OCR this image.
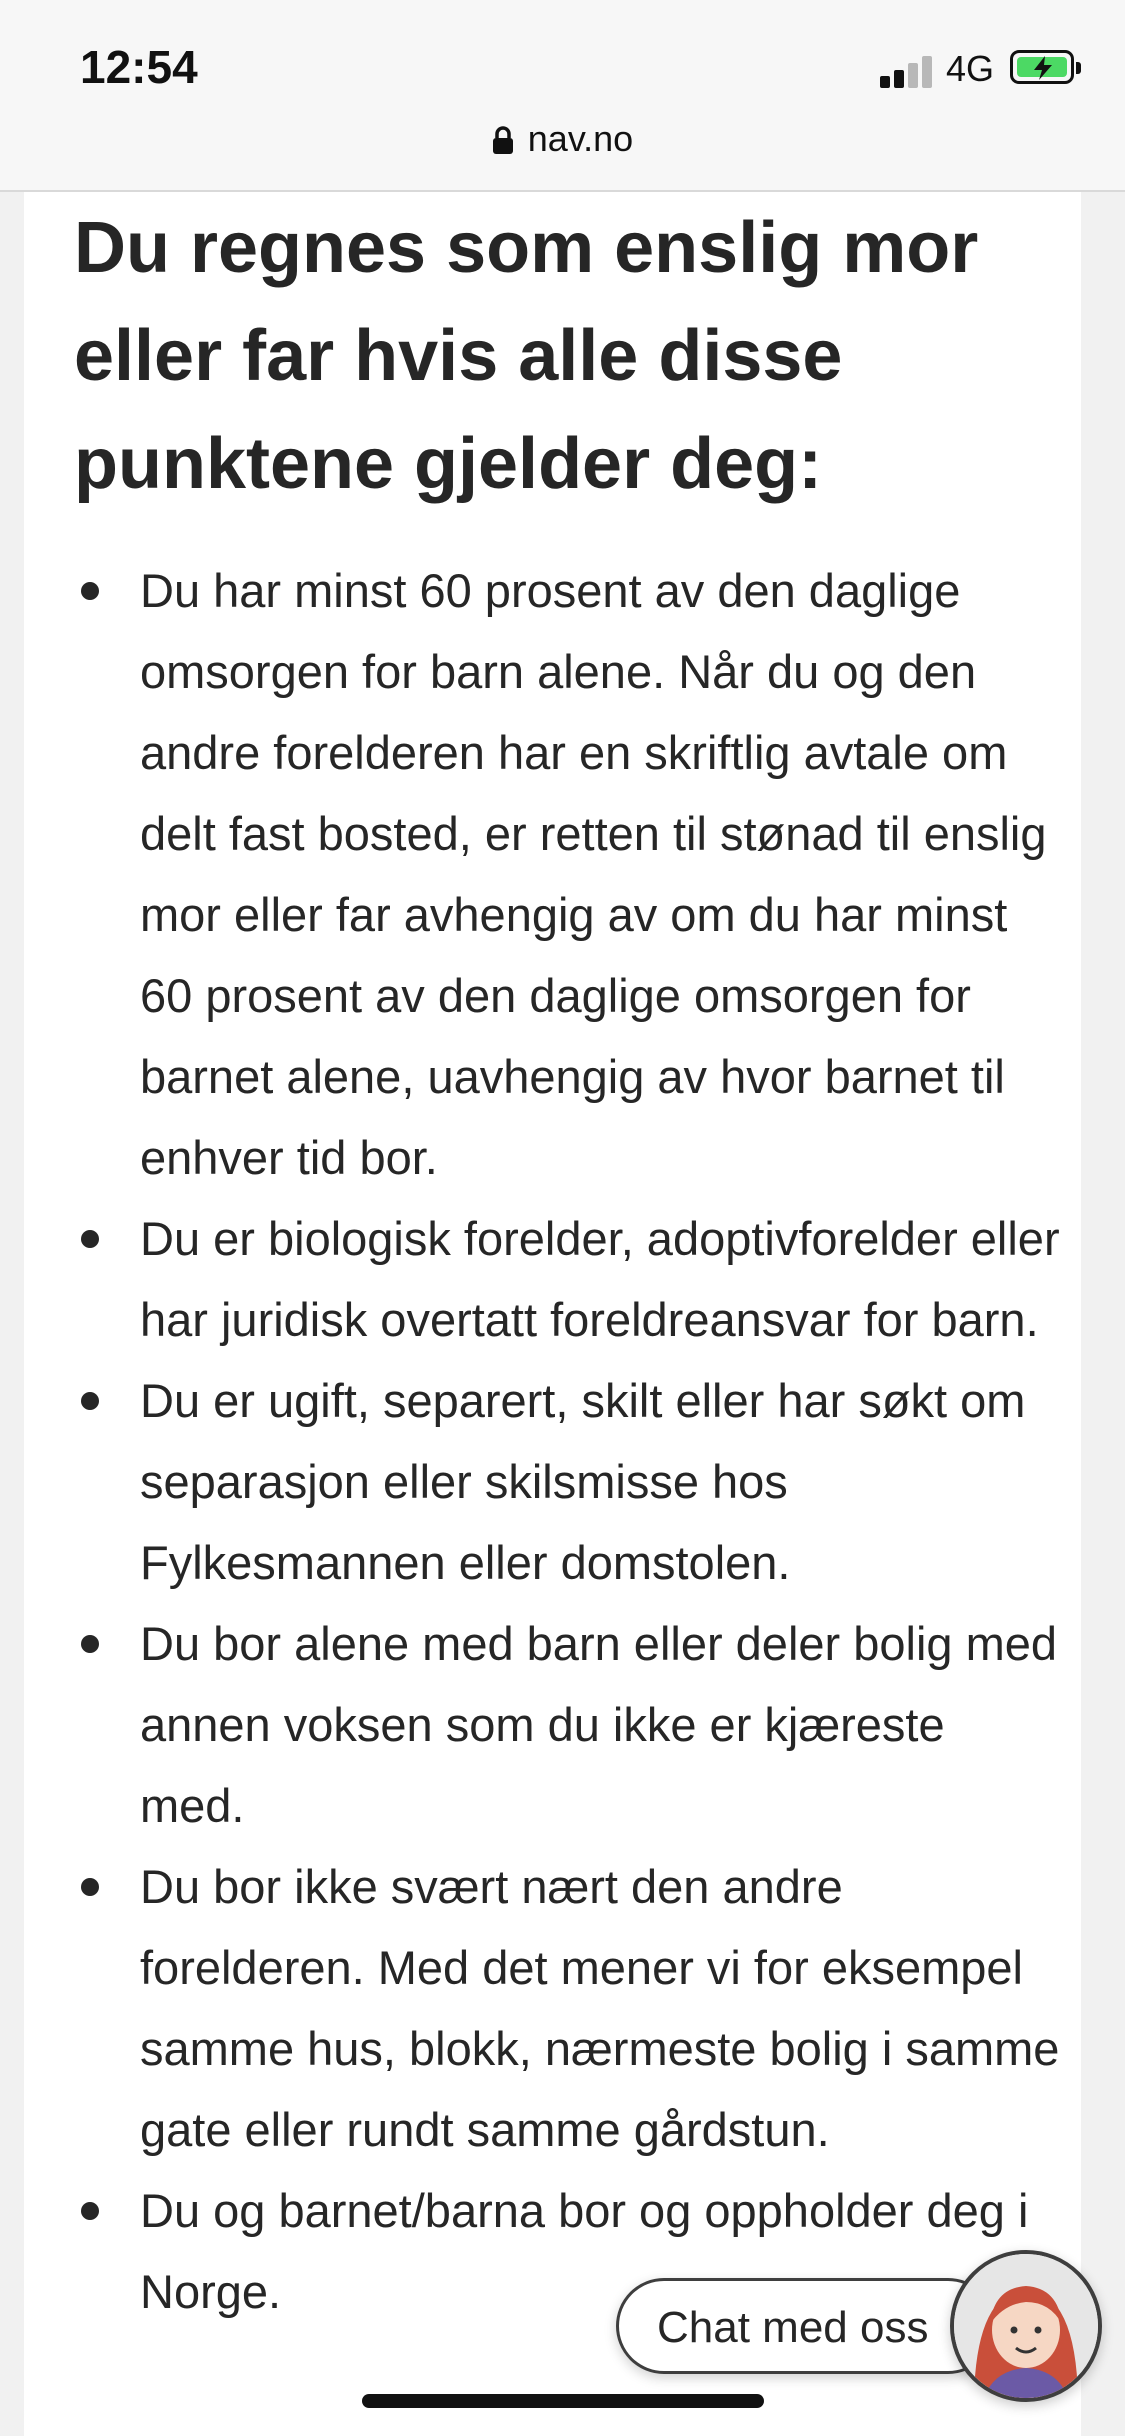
12:54	4G
nav.no
Du regnes som enslig mor eller far hvis alle disse punktene gjelder deg:
Du har minst 60 prosent av den daglige omsorgen for barn alene. Når du og den andre forelderen har en skriftlig avtale om delt fast bosted, er retten til stønad til enslig mor eller far avhengig av om du har minst 60 prosent av den daglige omsorgen for barnet alene, uavhengig av hvor barnet til enhver tid bor.
Du er biologisk forelder, adoptivforelder eller har juridisk overtatt foreldreansvar for barn.
Du er ugift, separert, skilt eller har søkt om separasjon eller skilsmisse hos Fylkesmannen eller domstolen.
Du bor alene med barn eller deler bolig med annen voksen som du ikke er kjæreste med.
Du bor ikke svært nært den andre forelderen. Med det mener vi for eksempel samme hus, blokk, nærmeste bolig i samme gate eller rundt samme gårdstun.
Du og barnet/barna bor og oppholder deg i Norge.
Chat med oss
